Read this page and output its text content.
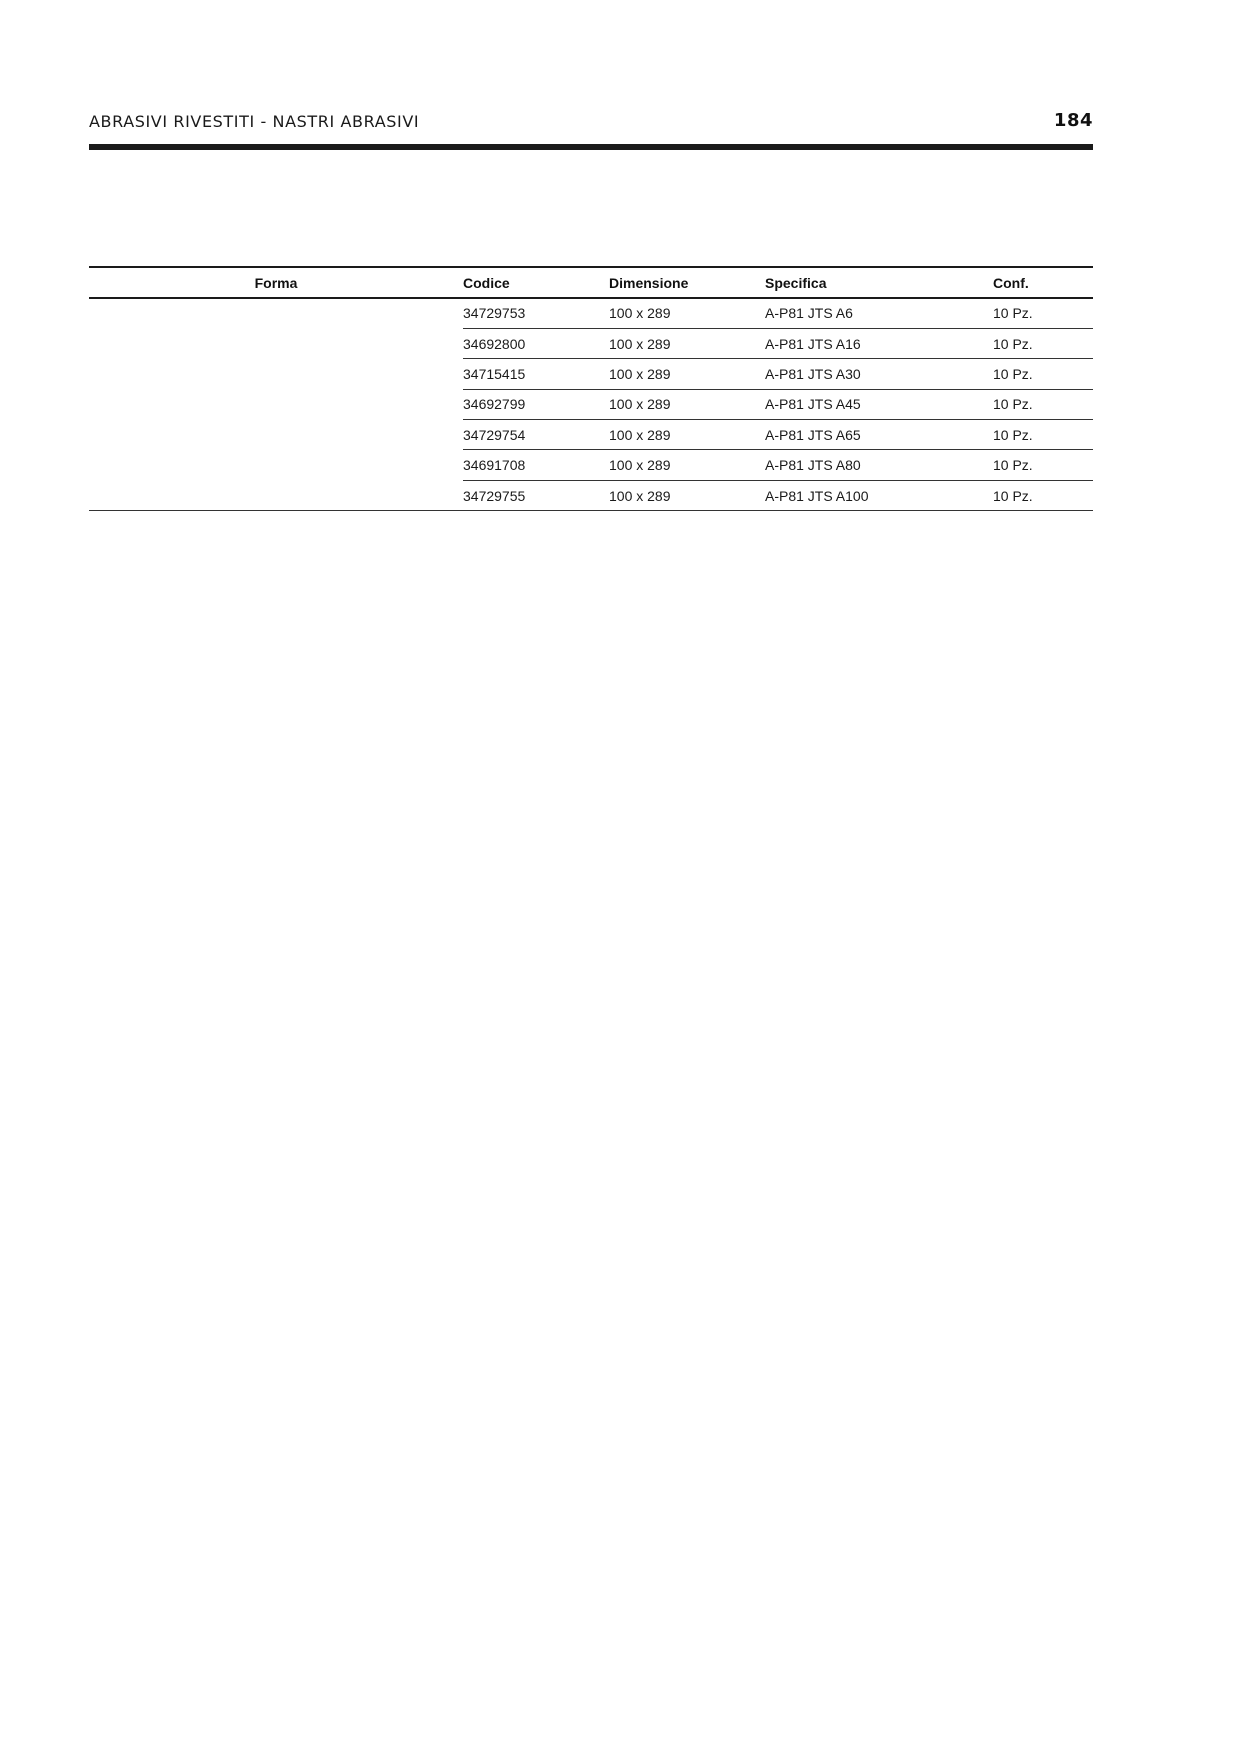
ABRASIVI RIVESTITI - NASTRI ABRASIVI	184
Forma	Codice	Dimensione	Specifica	Conf.
	34729753	100 x 289	A-P81 JTS A6	10 Pz.
	34692800	100 x 289	A-P81 JTS A16	10 Pz.
	34715415	100 x 289	A-P81 JTS A30	10 Pz.
	34692799	100 x 289	A-P81 JTS A45	10 Pz.
	34729754	100 x 289	A-P81 JTS A65	10 Pz.
	34691708	100 x 289	A-P81 JTS A80	10 Pz.
	34729755	100 x 289	A-P81 JTS A100	10 Pz.
